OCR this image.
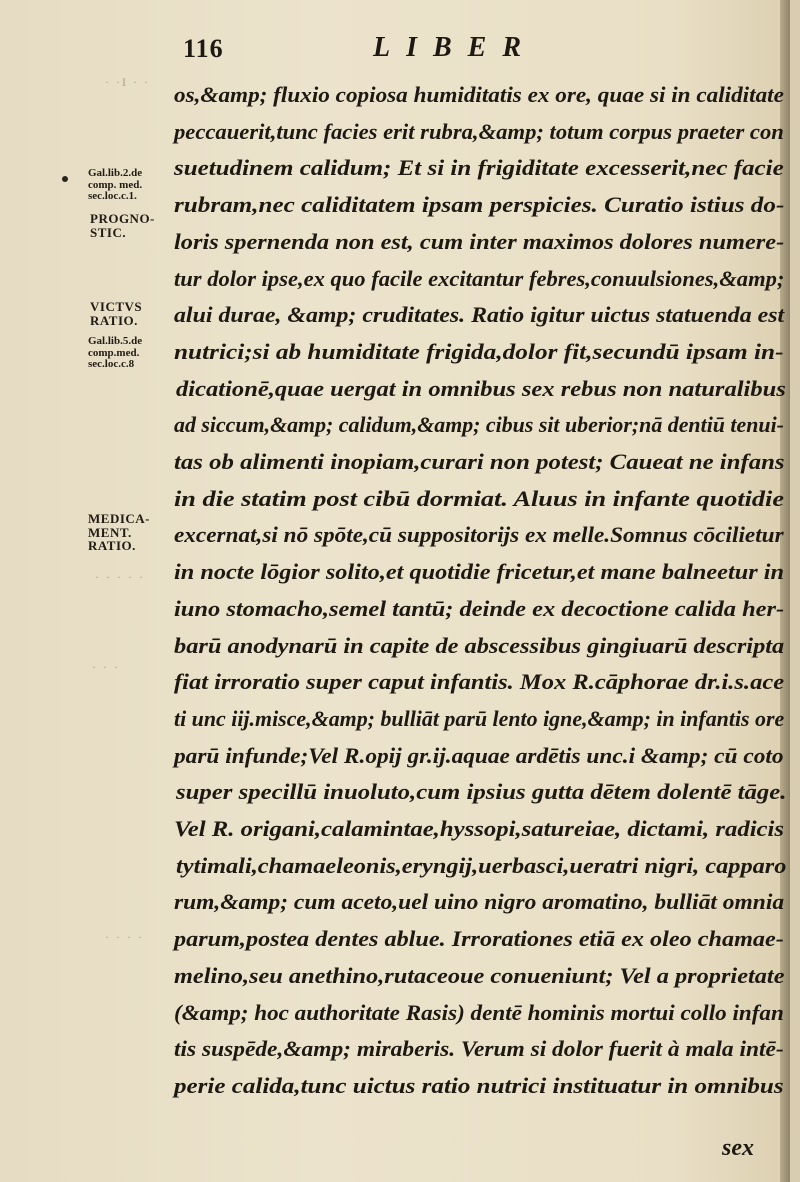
· ·I · ·
· · · · ·
· · ·
· · · ·
116	LIBER
Gal.lib.2.de
comp. med.
sec.loc.c.1.
PROGNO-
STIC.
VICTVS
RATIO.
Gal.lib.5.de
comp.med.
sec.loc.c.8
MEDICA-
MENT.
RATIO.
os,&amp; fluxio copiosa humiditatis ex ore, quae si in caliditate
peccauerit,tunc facies erit rubra,&amp; totum corpus praeter con
suetudinem calidum; Et si in frigiditate excesserit,nec facie
rubram,nec caliditatem ipsam perspicies. Curatio istius do-
loris spernenda non est, cum inter maximos dolores numere-
tur dolor ipse,ex quo facile excitantur febres,conuulsiones,&amp;
alui durae, &amp; cruditates. Ratio igitur uictus statuenda est
nutrici;si ab humiditate frigida,dolor fit,secundū ipsam in-
dicationē,quae uergat in omnibus sex rebus non naturalibus
ad siccum,&amp; calidum,&amp; cibus sit uberior;nā dentiū tenui-
tas ob alimenti inopiam,curari non potest; Caueat ne infans
in die statim post cibū dormiat. Aluus in infante quotidie
excernat,si nō spōte,cū suppositorijs ex melle.Somnus cōcilietur
in nocte lōgior solito,et quotidie fricetur,et mane balneetur in
iuno stomacho,semel tantū; deinde ex decoctione calida her-
barū anodynarū in capite de abscessibus gingiuarū descripta
fiat irroratio super caput infantis. Mox R.cāphorae dr.i.s.ace
ti unc iij.misce,&amp; bulliāt parū lento igne,&amp; in infantis ore
parū infunde;Vel R.opij gr.ij.aquae ardētis unc.i &amp; cū coto
super specillū inuoluto,cum ipsius gutta dētem dolentē tāge.
Vel R. origani,calamintae,hyssopi,satureiae, dictami, radicis
tytimali,chamaeleonis,eryngij,uerbasci,ueratri nigri, capparo
rum,&amp; cum aceto,uel uino nigro aromatino, bulliāt omnia
parum,postea dentes ablue. Irrorationes etiā ex oleo chamae-
melino,seu anethino,rutaceoue conueniunt; Vel a proprietate
(&amp; hoc authoritate Rasis) dentē hominis mortui collo infan
tis suspēde,&amp; miraberis. Verum si dolor fuerit à mala intē-
perie calida,tunc uictus ratio nutrici instituatur in omnibus
sex
